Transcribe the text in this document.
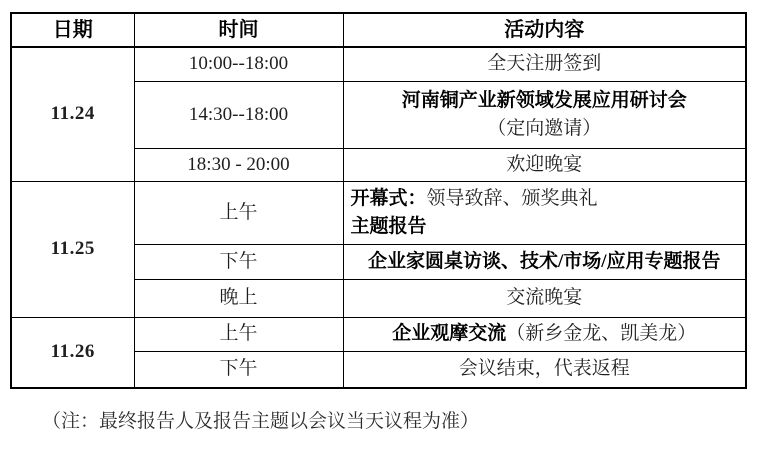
日期	时间	活动内容
11.24	10:00--18:00	全天注册签到
	14:30--18:00	河南铜产业新领域发展应用研讨会
（定向邀请）

	18:30 - 20:00	欢迎晚宴
11.25	上午	开幕式：领导致辞、颁奖典礼
主题报告

	下午	企业家圆桌访谈、技术/市场/应用专题报告
	晚上	交流晚宴
11.26	上午	企业观摩交流（新乡金龙、凯美龙）
	下午	会议结束，代表返程
（注：最终报告人及报告主题以会议当天议程为准）
